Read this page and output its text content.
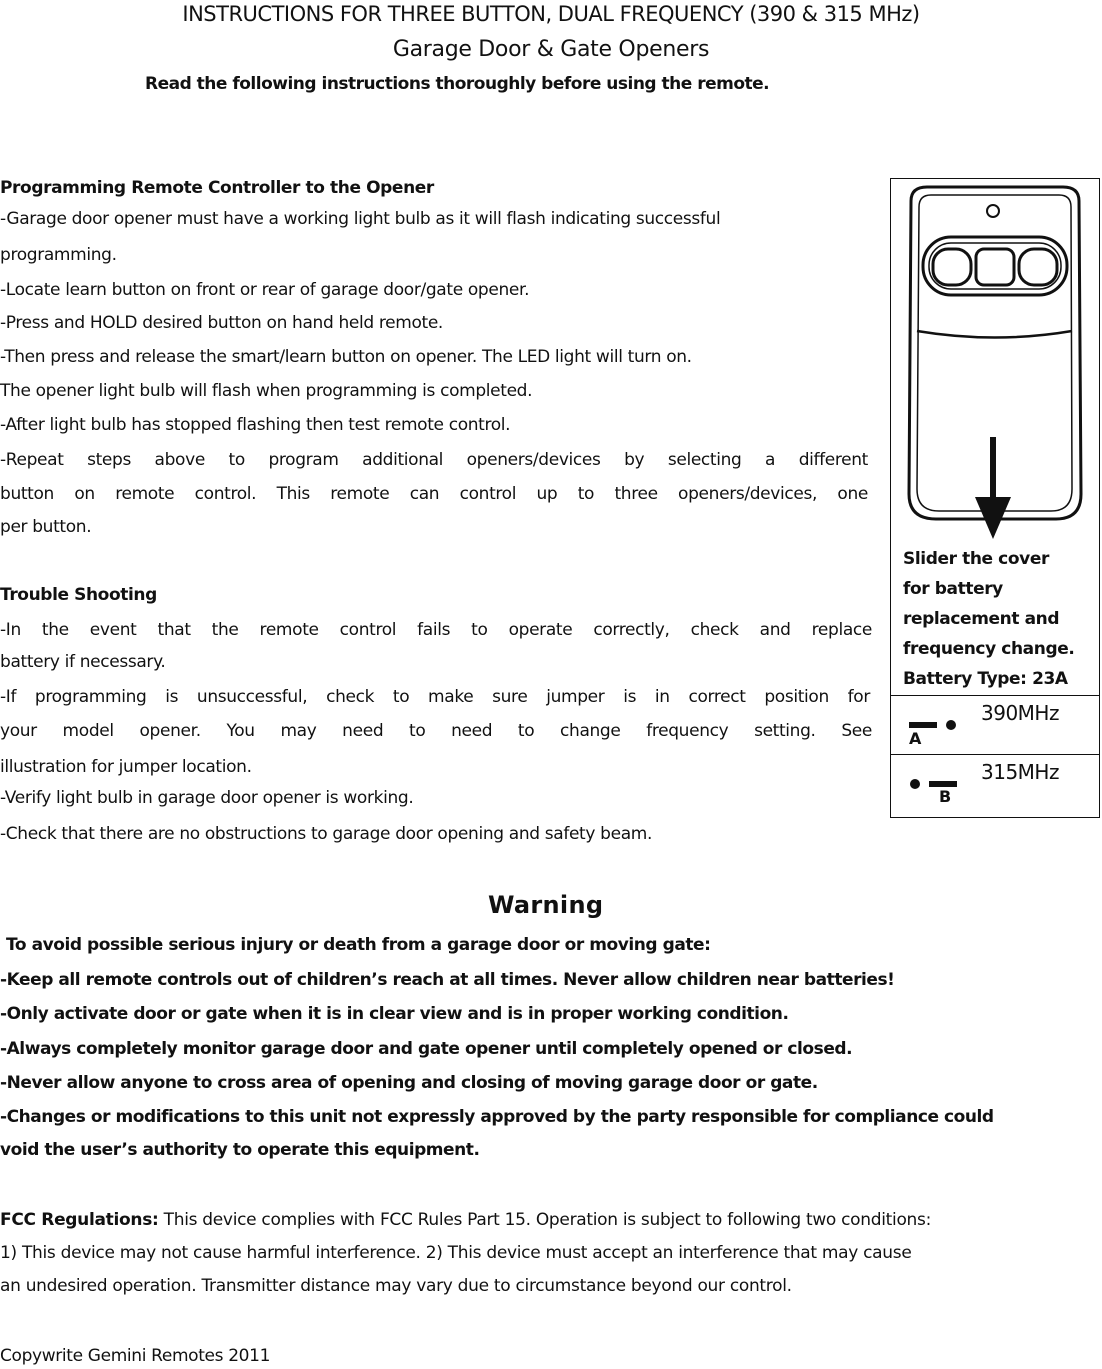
INSTRUCTIONS FOR THREE BUTTON, DUAL FREQUENCY (390 & 315 MHz)
Garage Door & Gate Openers
Read the following instructions thoroughly before using the remote.
Programming Remote Controller to the Opener
-Garage door opener must have a working light bulb as it will flash indicating successful
programming.
-Locate learn button on front or rear of garage door/gate opener.
-Press and HOLD desired button on hand held remote.
-Then press and release the smart/learn button on opener. The LED light will turn on.
The opener light bulb will flash when programming is completed.
-After light bulb has stopped flashing then test remote control.
-Repeat steps above to program additional openers/devices by selecting a different
button on remote control. This remote can control up to three openers/devices, one
per button.
Trouble Shooting
-In the event that the remote control fails to operate correctly, check and replace
battery if necessary.
-If programming is unsuccessful, check to make sure jumper is in correct position for
your model opener. You may need to need to change frequency setting. See
illustration for jumper location.
-Verify light bulb in garage door opener is working.
-Check that there are no obstructions to garage door opening and safety beam.
Slider the cover
for battery
replacement and
frequency change.
Battery Type: 23A
A
390MHz
B
315MHz
Warning
To avoid possible serious injury or death from a garage door or moving gate:
-Keep all remote controls out of children’s reach at all times. Never allow children near batteries!
-Only activate door or gate when it is in clear view and is in proper working condition.
-Always completely monitor garage door and gate opener until completely opened or closed.
-Never allow anyone to cross area of opening and closing of moving garage door or gate.
-Changes or modifications to this unit not expressly approved by the party responsible for compliance could
void the user’s authority to operate this equipment.
FCC Regulations: This device complies with FCC Rules Part 15. Operation is subject to following two conditions:
1) This device may not cause harmful interference. 2) This device must accept an interference that may cause
an undesired operation. Transmitter distance may vary due to circumstance beyond our control.
Copywrite Gemini Remotes 2011
